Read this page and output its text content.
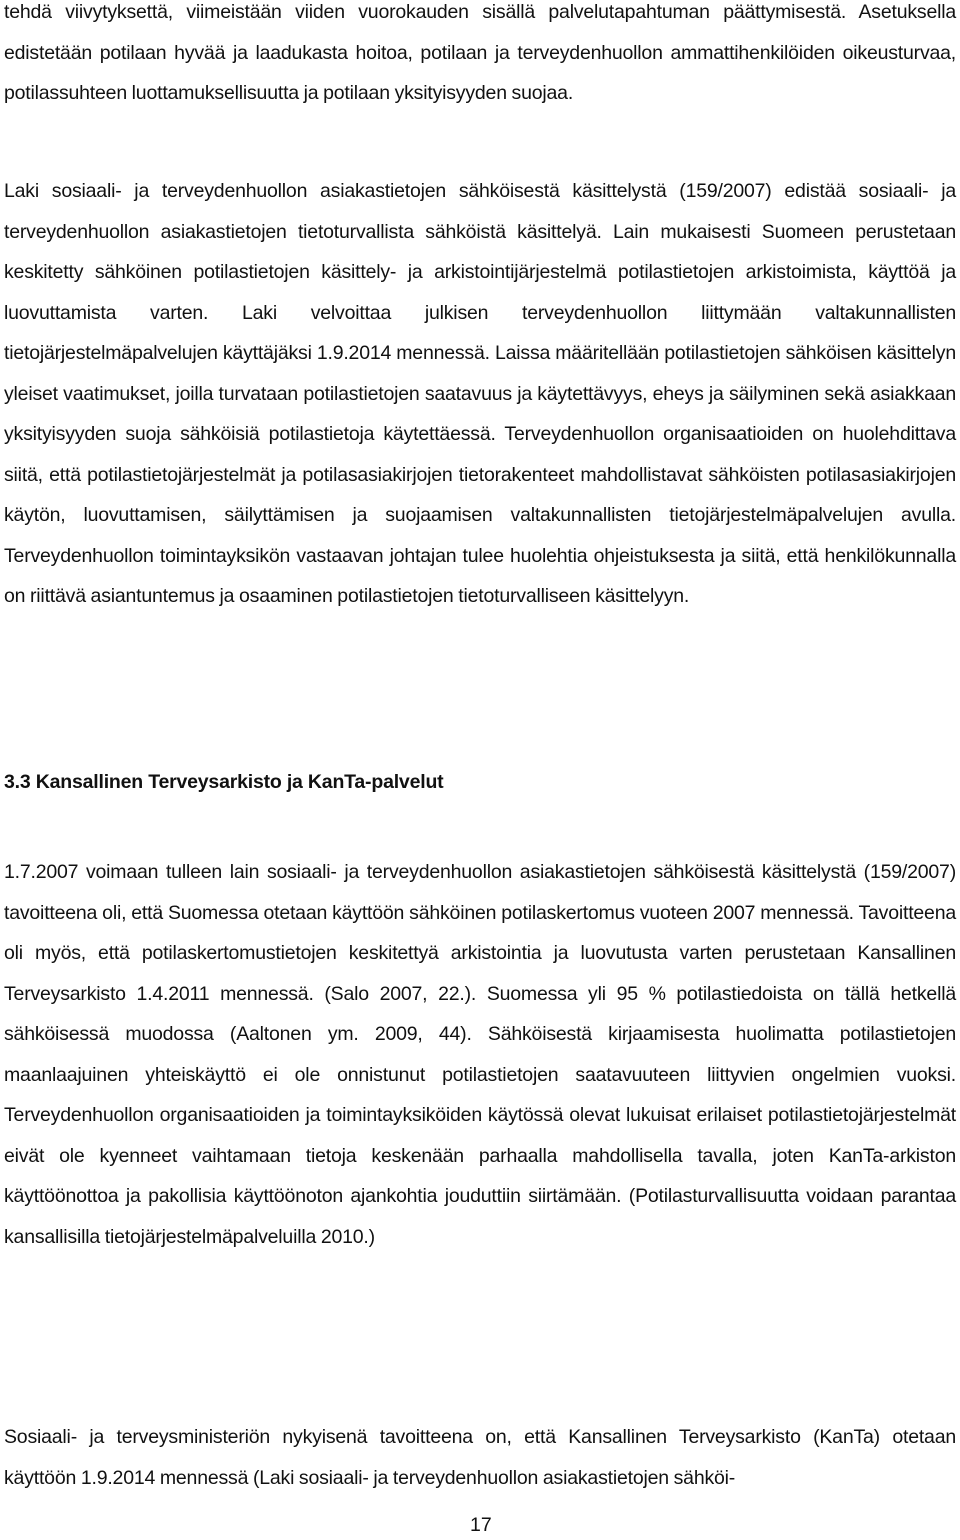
tehdä viivytyksettä, viimeistään viiden vuorokauden sisällä palvelutapahtuman päättymisestä. Asetuksella edistetään potilaan hyvää ja laadukasta hoitoa, potilaan ja terveydenhuollon ammattihenkilöiden oikeusturvaa, potilassuhteen luottamuksellisuutta ja potilaan yksityisyyden suojaa.

Laki sosiaali- ja terveydenhuollon asiakastietojen sähköisestä käsittelystä (159/2007) edistää sosiaali- ja terveydenhuollon asiakastietojen tietoturvallista sähköistä käsittelyä. Lain mukaisesti Suomeen perustetaan keskitetty sähköinen potilastietojen käsittely- ja arkistointijärjestelmä potilastietojen arkistoimista, käyttöä ja luovuttamista varten. Laki velvoittaa julkisen terveydenhuollon liittymään valtakunnallisten tietojärjestelmäpalvelujen käyttäjäksi 1.9.2014 mennessä. Laissa määritellään potilastietojen sähköisen käsittelyn yleiset vaatimukset, joilla turvataan potilastietojen saatavuus ja käytettävyys, eheys ja säilyminen sekä asiakkaan yksityisyyden suoja sähköisiä potilastietoja käytettäessä. Terveydenhuollon organisaatioiden on huolehdittava siitä, että potilastietojärjestelmät ja potilasasiakirjojen tietorakenteet mahdollistavat sähköisten potilasasiakirjojen käytön, luovuttamisen, säilyttämisen ja suojaamisen valtakunnallisten tietojärjestelmäpalvelujen avulla. Terveydenhuollon toimintayksikön vastaavan johtajan tulee huolehtia ohjeistuksesta ja siitä, että henkilökunnalla on riittävä asiantuntemus ja osaaminen potilastietojen tietoturvalliseen käsittelyyn.

3.3 Kansallinen Terveysarkisto ja KanTa-palvelut

1.7.2007 voimaan tulleen lain sosiaali- ja terveydenhuollon asiakastietojen sähköisestä käsittelystä (159/2007) tavoitteena oli, että Suomessa otetaan käyttöön sähköinen potilaskertomus vuoteen 2007 mennessä. Tavoitteena oli myös, että potilaskertomustietojen keskitettyä arkistointia ja luovutusta varten perustetaan Kansallinen Terveysarkisto 1.4.2011 mennessä. (Salo 2007, 22.). Suomessa yli 95 % potilastiedoista on tällä hetkellä sähköisessä muodossa (Aaltonen ym. 2009, 44). Sähköisestä kirjaamisesta huolimatta potilastietojen maanlaajuinen yhteiskäyttö ei ole onnistunut potilastietojen saatavuuteen liittyvien ongelmien vuoksi. Terveydenhuollon organisaatioiden ja toimintayksiköiden käytössä olevat lukuisat erilaiset potilastietojärjestelmät eivät ole kyenneet vaihtamaan tietoja keskenään parhaalla mahdollisella tavalla, joten KanTa-arkiston käyttöönottoa ja pakollisia käyttöönoton ajankohtia jouduttiin siirtämään. (Potilasturvallisuutta voidaan parantaa kansallisilla tietojärjestelmäpalveluilla 2010.)

Sosiaali- ja terveysministeriön nykyisenä tavoitteena on, että Kansallinen Terveysarkisto (KanTa) otetaan käyttöön 1.9.2014 mennessä (Laki sosiaali- ja terveydenhuollon asiakastietojen sähköi-

17
